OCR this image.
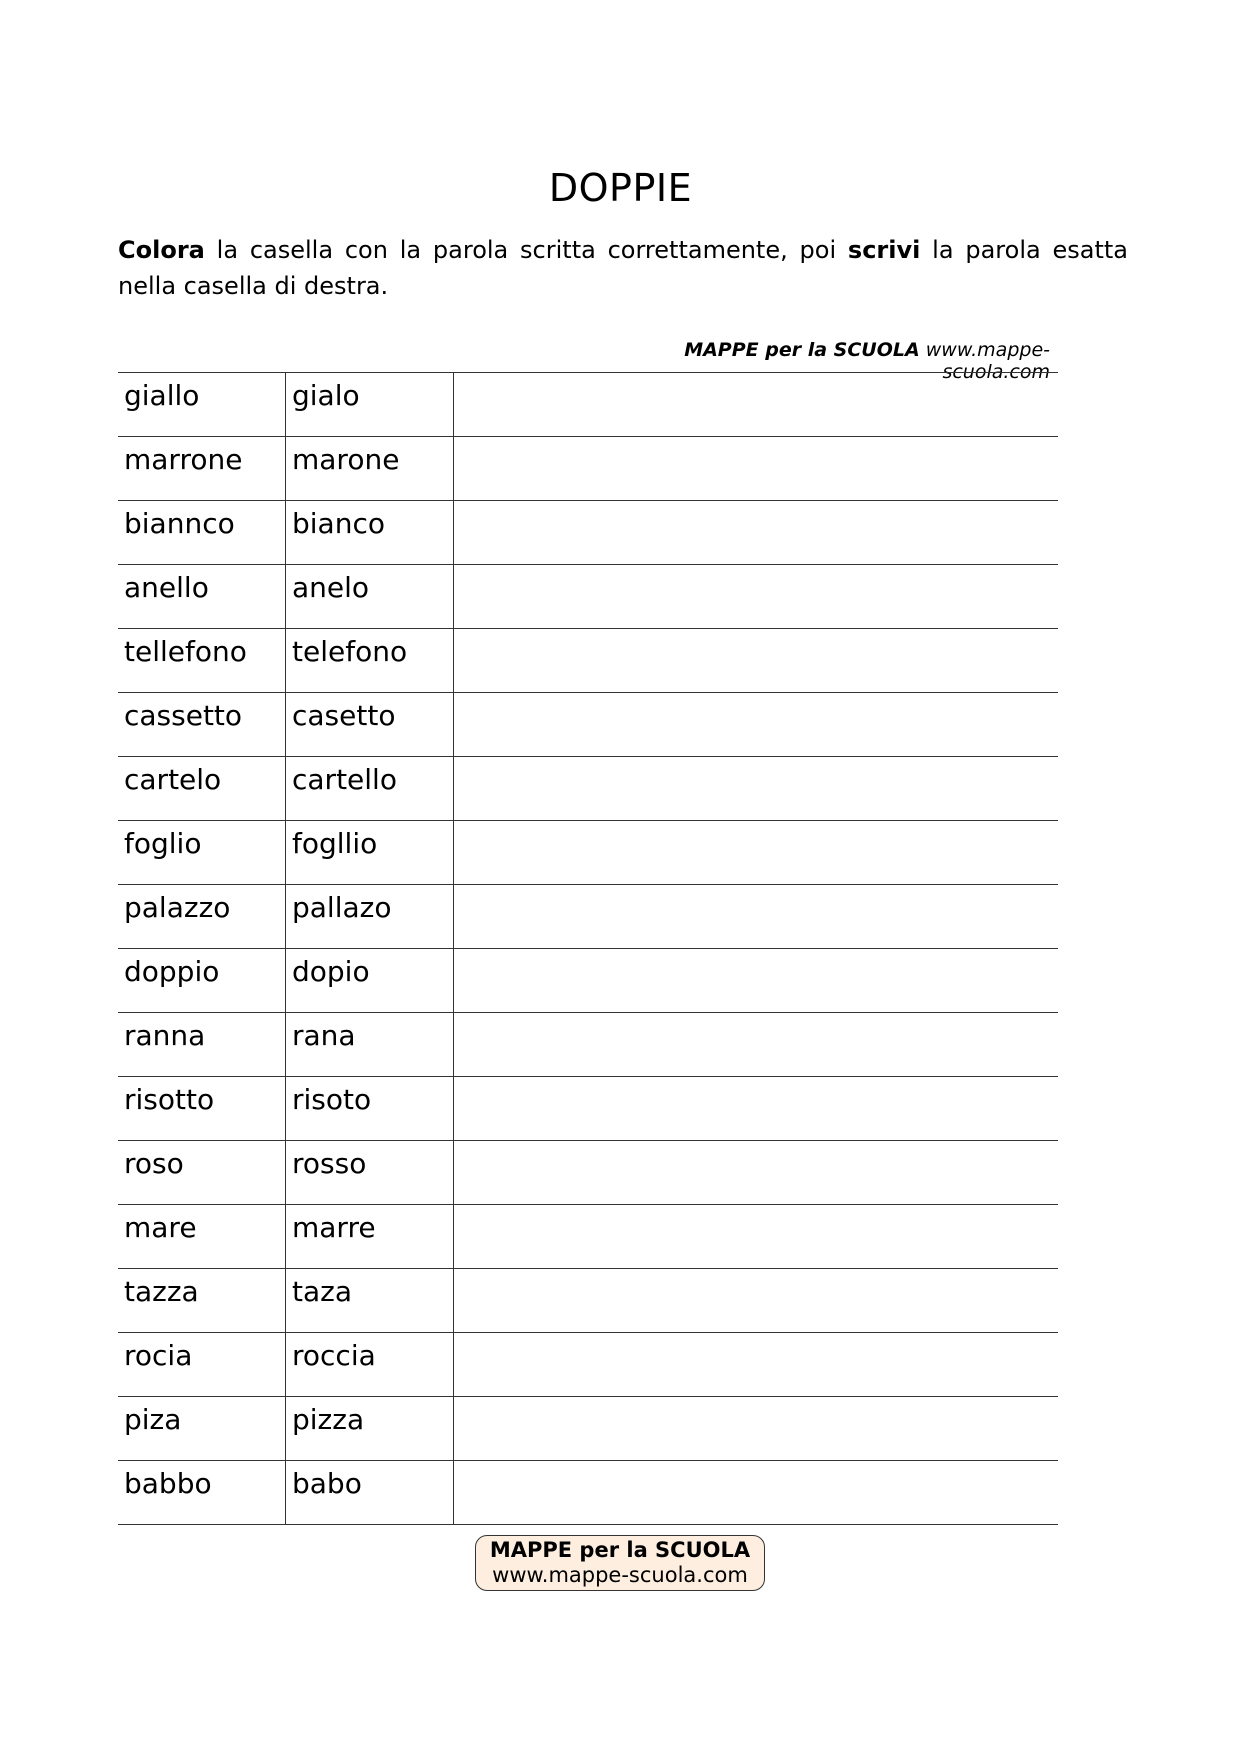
DOPPIE
Colora la casella con la parola scritta correttamente, poi scrivi la parola esatta nella casella di destra.
MAPPE per la SCUOLA www.mappe-scuola.com
giallo	gialo
marrone	marone
biannco	bianco
anello	anelo
tellefono	telefono
cassetto	casetto
cartelo	cartello
foglio	fogllio
palazzo	pallazo
doppio	dopio
ranna	rana
risotto	risoto
roso	rosso
mare	marre
tazza	taza
rocia	roccia
piza	pizza
babbo	babo
MAPPE per la SCUOLA
www.mappe-scuola.com
